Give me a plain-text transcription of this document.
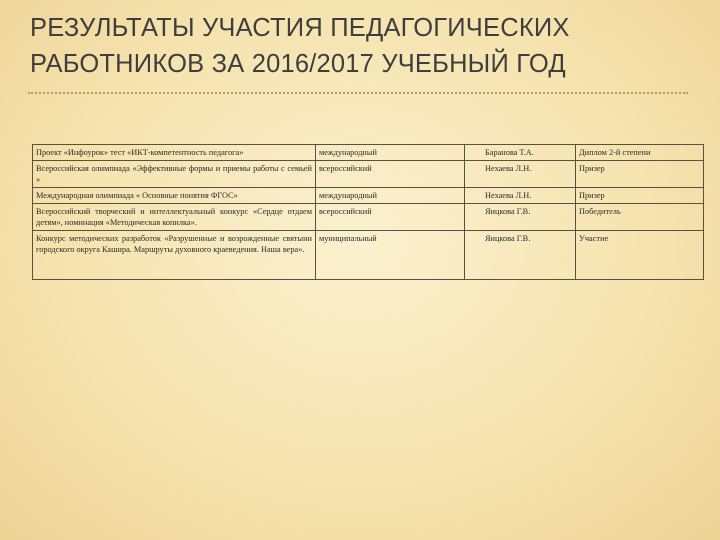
РЕЗУЛЬТАТЫ УЧАСТИЯ ПЕДАГОГИЧЕСКИХ
РАБОТНИКОВ ЗА 2016/2017 УЧЕБНЫЙ ГОД
Проект «Инфоурок» тест «ИКТ-компетентность педагога»	международный	Баранова Т.А.	Диплом 2-й степени
Всероссийская олимпиада «Эффективные формы и приемы работы с семьей »	всероссийский	Нехаева Л.Н.	Призер
Международная олимпиада « Основные понятия ФГОС»	международный	Нехаева Л.Н.	Призер
Всероссийский творческий и интеллектуальный конкурс «Сердце отдаем детям», номинация «Методическая копилка».	всероссийский	Яицкова Г.В.	Победитель
Конкурс методических разработок «Разрушенные и возрожденные святыни городского округа Кашира. Маршруты духовного краеведения. Наша вера».	муниципальный	Яицкова Г.В.	Участие
